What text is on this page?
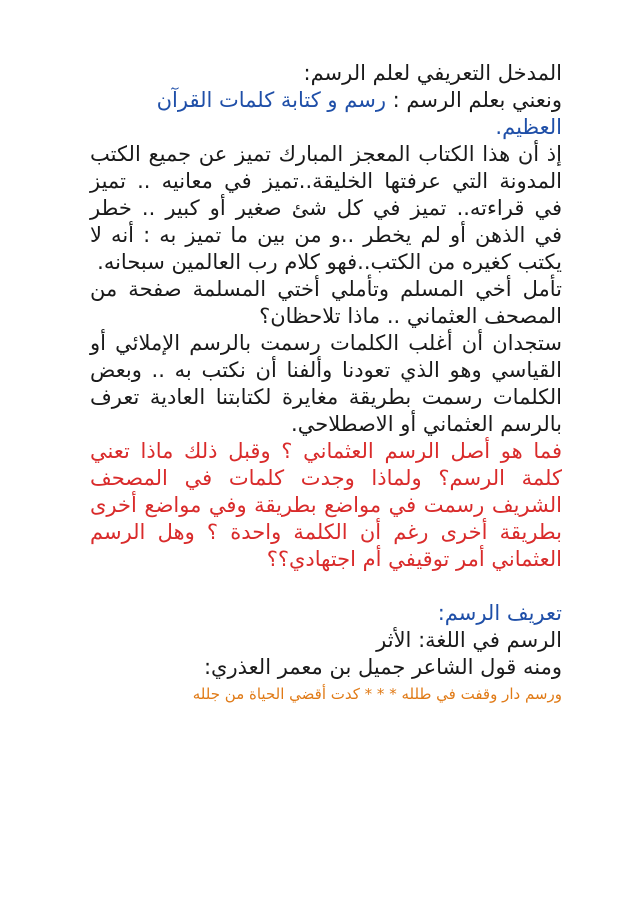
المدخل التعريفي لعلم الرسم:

ونعني بعلم الرسم : رسم و كتابة كلمات القرآن العظيم.

إذ أن هذا الكتاب المعجز المبارك تميز عن جميع الكتب المدونة التي عرفتها الخليقة..تميز في معانيه .. تميز في قراءته.. تميز في كل شئ صغير أو كبير .. خطر في الذهن أو لم يخطر ..و من بين ما تميز به : أنه لا يكتب كغيره من الكتب..فهو كلام رب العالمين سبحانه.

تأمل أخي المسلم وتأملي أختي المسلمة صفحة من المصحف العثماني .. ماذا تلاحظان؟

ستجدان أن أغلب الكلمات رسمت بالرسم الإملائي أو القياسي وهو الذي تعودنا وألفنا أن نكتب به .. وبعض الكلمات رسمت بطريقة مغايرة لكتابتنا العادية تعرف بالرسم العثماني أو الاصطلاحي.

فما هو أصل الرسم العثماني ؟ وقبل ذلك ماذا تعني كلمة الرسم؟ ولماذا وجدت كلمات في المصحف الشريف رسمت في مواضع بطريقة وفي مواضع أخرى بطريقة أخرى رغم أن الكلمة واحدة ؟ وهل الرسم العثماني أمر توقيفي أم اجتهادي؟؟

تعريف الرسم:

الرسم في اللغة: الأثر

ومنه قول الشاعر جميل بن معمر العذري:

ورسم دار وقفت في طلله * * * كدت أقضي الحياة من جلله
